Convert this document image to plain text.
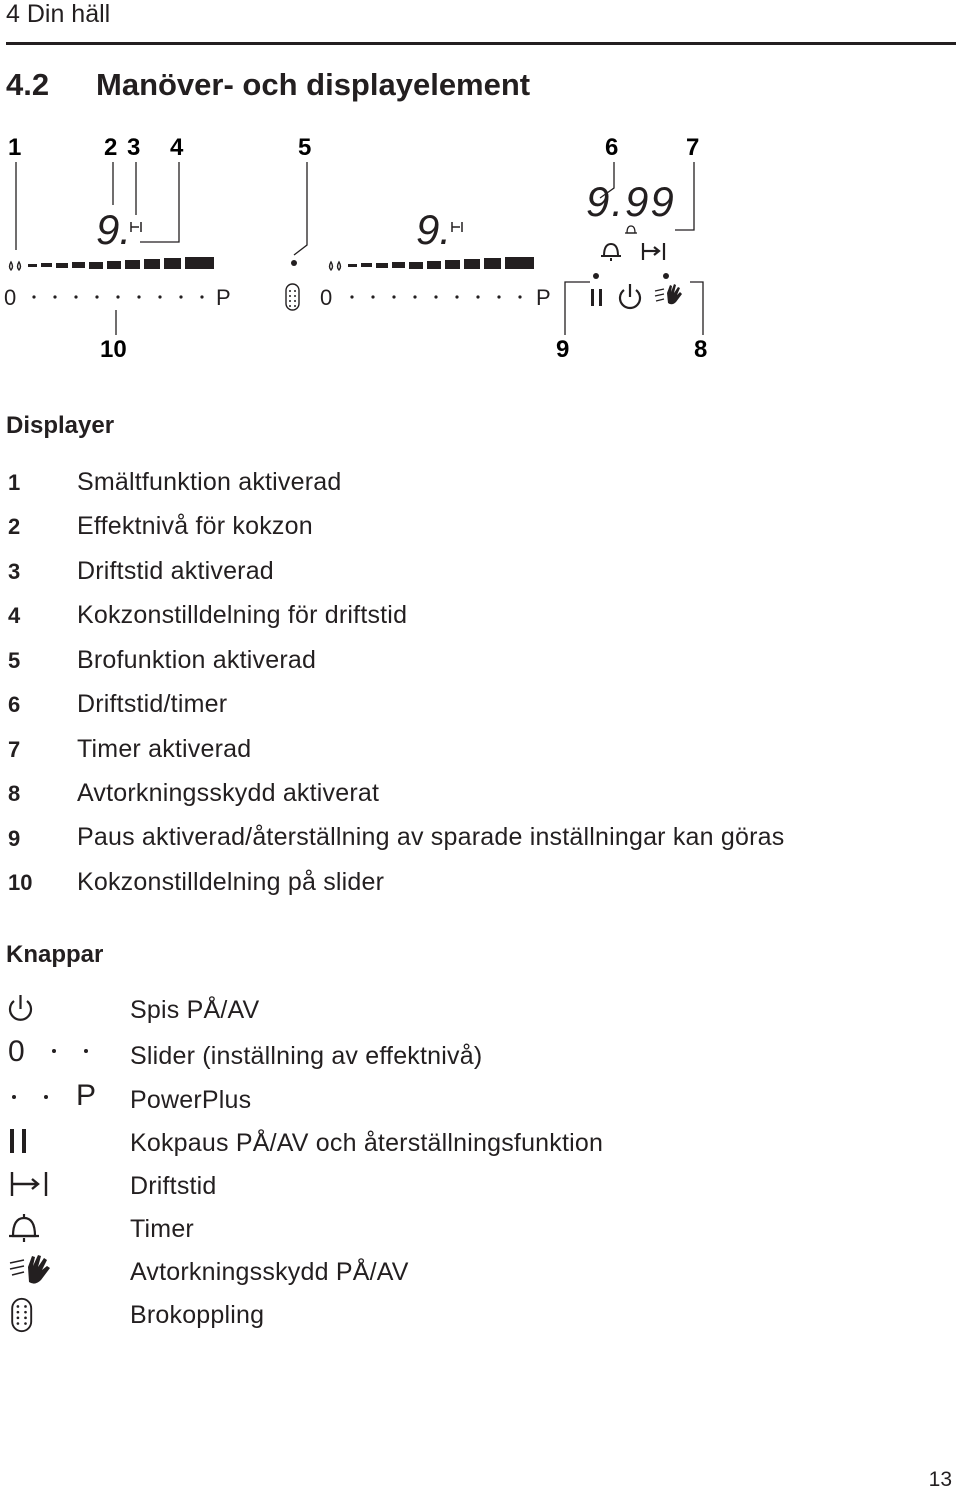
4 Din häll
4.2 Manöver- och displayelement
1	2 3 4	5	6	7
10	9	8
9.
0	P
9.
0	P
9.99
Displayer
1 Smältfunktion aktiverad
2 Effektnivå för kokzon
3 Driftstid aktiverad
4 Kokzonstilldelning för driftstid
5 Brofunktion aktiverad
6 Driftstid/timer
7 Timer aktiverad
8 Avtorkningsskydd aktiverat
9 Paus aktiverad/återställning av sparade inställningar kan göras
10 Kokzonstilldelning på slider
Knappar
Spis PÅ/AV
0	Slider (inställning av effektnivå)
P PowerPlus
Kokpaus PÅ/AV och återställningsfunktion
Driftstid
Timer
Avtorkningsskydd PÅ/AV
Brokoppling
13
